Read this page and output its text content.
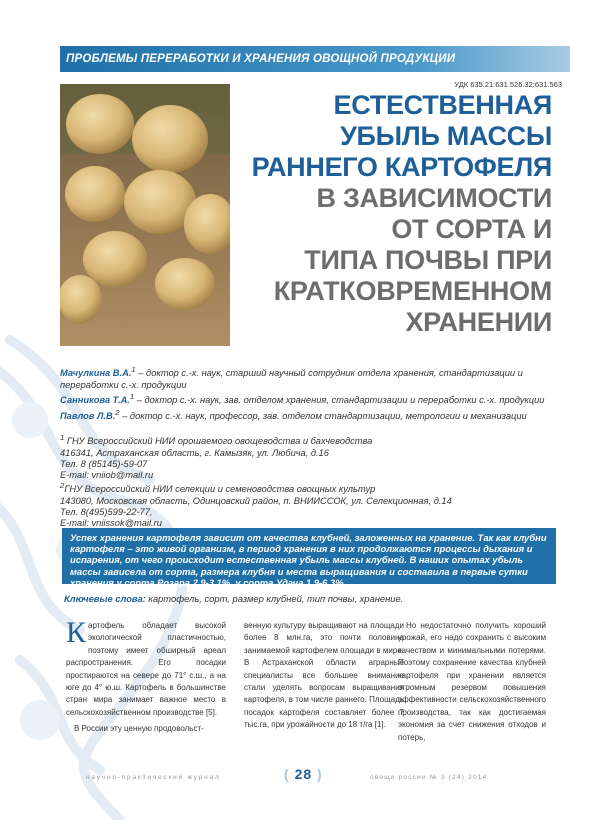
ПРОБЛЕМЫ ПЕРЕРАБОТКИ И ХРАНЕНИЯ ОВОЩНОЙ ПРОДУКЦИИ
УДК 635.21:631.526.32:631.563
ЕСТЕСТВЕННАЯ
УБЫЛЬ МАССЫ
РАННЕГО КАРТОФЕЛЯ
В ЗАВИСИМОСТИ
ОТ СОРТА И
ТИПА ПОЧВЫ ПРИ
КРАТКОВРЕМЕННОМ
ХРАНЕНИИ

Мачулкина В.А.$^1$ – доктор с.-х. наук, старший научный сотрудник отдела хранения, стандартизации и переработки с.-х. продукции

Санникова Т.А.$^1$ – доктор с.-х. наук, зав. отделом хранения, стандартизации и переработки с.-х. продукции

Павлов Л.В.$^2$ – доктор с.-х. наук, профессор, зав. отделом стандартизации, метрологии и механизации

$^1$ ГНУ Всероссийский НИИ орошаемого овощеводства и бахчеводства

416341, Астраханская область, г. Камызяк, ул. Любича, д.16

Тел. 8 (85145)-59-07

E-mail: vniiob@mail.ru

$^2$ГНУ Всероссийский НИИ селекции и семеноводства овощных культур

143080, Московская область, Одинцовский район, п. ВНИИССОК, ул. Селекционная, д.14

Тел. 8(495)599-22-77,

E-mail: vniissok@mail.ru

Успех хранения картофеля зависит от качества клубней, заложенных на хранение. Так как клубни картофеля – это живой организм, в период хранения в них продолжаются процессы дыхания и испарения, от чего происходит естественная убыль массы клубней. В наших опытах убыль массы зависела от сорта, размера клубня и места выращивания и составила в первые сутки хранения у сорта Розара 2,9-3,1%, у сорта Удача 1,9-6,3%.
Ключевые слова: картофель, сорт, размер клубней, тип почвы, хранение.

Картофель обладает высокой экологической пластичностью, поэтому имеет обширный ареал распространения. Его посадки простираются на севере до 71° с.ш., а на юге до 4° ю.ш. Картофель в большинстве стран мира занимает важное место в сельскохозяйственном производстве [5].

В России эту ценную продовольст-

венную культуру выращивают на площади более 8 млн.га, это почти половина занимаемой картофелем площади в мире. В Астраханской области аграрные специалисты все большее внимание стали уделять вопросам выращивания картофеля, в том числе раннего. Площадь посадок картофеля составляет более 7 тыс.га, при урожайности до 18 т/га [1].

Но недостаточно получить хороший урожай, его надо сохранить с высоким качеством и минимальными потерями. Поэтому сохранение качества клубней картофеля при хранении является огромным резервом повышения эффективности сельскохозяйственного производства, так как достигаемая экономия за счет снижения отходов и потерь,

научно-практический журнал	( 28 )	овощи россии № 3 (24) 2014
